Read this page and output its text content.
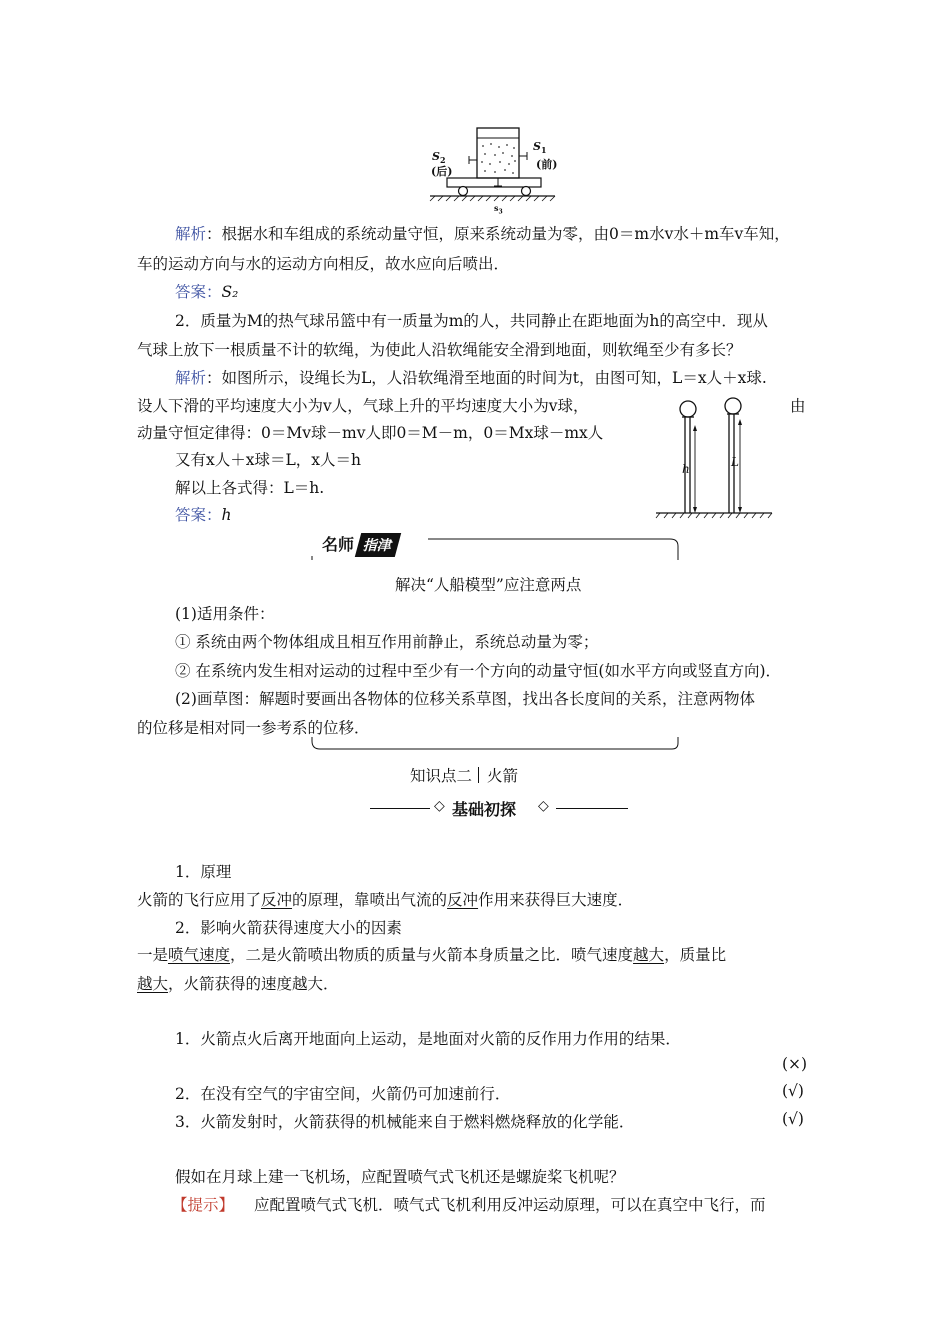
$S_2$
(后)
$S_1$
(前)
$s_3$
解析：根据水和车组成的系统动量守恒，原来系统动量为零，由0＝m水v水＋m车v车知，
车的运动方向与水的运动方向相反，故水应向后喷出．
答案：S₂
2．质量为M的热气球吊篮中有一质量为m的人，共同静止在距地面为h的高空中．现从
气球上放下一根质量不计的软绳，为使此人沿软绳能安全滑到地面，则软绳至少有多长？
解析：如图所示，设绳长为L，人沿软绳滑至地面的时间为t，由图可知，L＝x人＋x球.
设人下滑的平均速度大小为v人，气球上升的平均速度大小为v球，	由
动量守恒定律得：0＝Mv球－mv人即0＝M－m，0＝Mx球－mx人
又有x人＋x球＝L，x人＝h
解以上各式得：L＝h.
答案：h
h	L
名师 指津
解决“人船模型”应注意两点
(1)适用条件：
① 系统由两个物体组成且相互作用前静止，系统总动量为零；
② 在系统内发生相对运动的过程中至少有一个方向的动量守恒(如水平方向或竖直方向)．
(2)画草图：解题时要画出各物体的位移关系草图，找出各长度间的关系，注意两物体
的位移是相对同一参考系的位移．
知识点二 火箭
◇ 基础初探 ◇
1．原理
火箭的飞行应用了反冲的原理，靠喷出气流的反冲作用来获得巨大速度．
2．影响火箭获得速度大小的因素
一是喷气速度，二是火箭喷出物质的质量与火箭本身质量之比．喷气速度越大，质量比
越大，火箭获得的速度越大．
1．火箭点火后离开地面向上运动，是地面对火箭的反作用力作用的结果．
(×)
2．在没有空气的宇宙空间，火箭仍可加速前行．	(√)
3．火箭发射时，火箭获得的机械能来自于燃料燃烧释放的化学能．	(√)
假如在月球上建一飞机场，应配置喷气式飞机还是螺旋桨飞机呢？
【提示】 应配置喷气式飞机．喷气式飞机利用反冲运动原理，可以在真空中飞行，而
